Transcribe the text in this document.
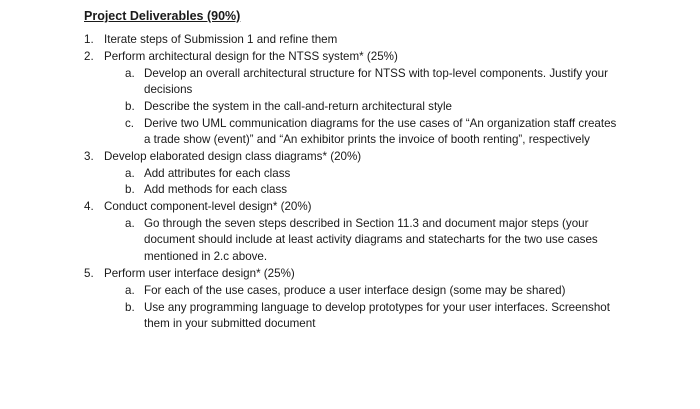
Project Deliverables (90%)
1. Iterate steps of Submission 1 and refine them
2. Perform architectural design for the NTSS system* (25%)
a. Develop an overall architectural structure for NTSS with top-level components. Justify your
decisions
b. Describe the system in the call-and-return architectural style
c. Derive two UML communication diagrams for the use cases of “An organization staff creates
a trade show (event)” and “An exhibitor prints the invoice of booth renting”, respectively
3. Develop elaborated design class diagrams* (20%)
a. Add attributes for each class
b. Add methods for each class
4. Conduct component-level design* (20%)
a. Go through the seven steps described in Section 11.3 and document major steps (your
document should include at least activity diagrams and statecharts for the two use cases
mentioned in 2.c above.
5. Perform user interface design* (25%)
a. For each of the use cases, produce a user interface design (some may be shared)
b. Use any programming language to develop prototypes for your user interfaces. Screenshot
them in your submitted document
